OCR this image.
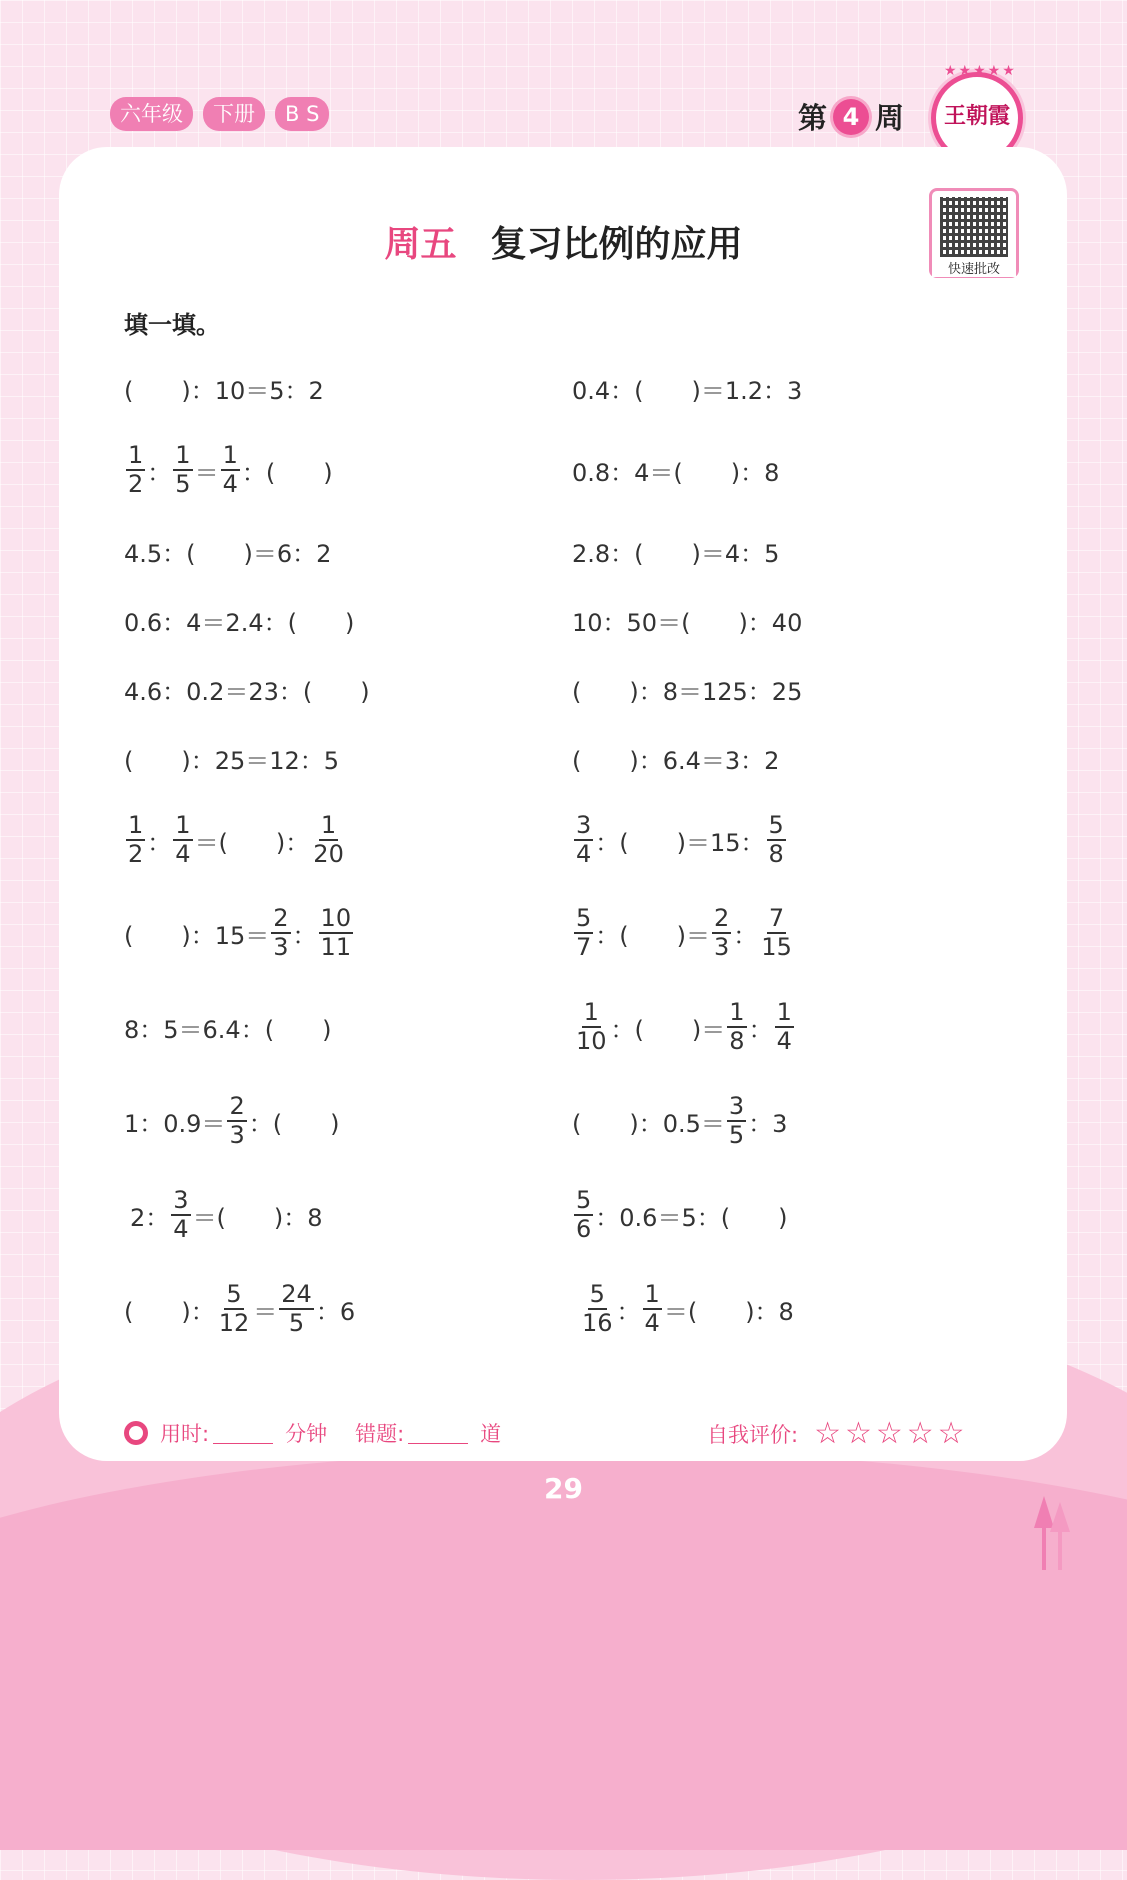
六年级	下册	B S	第 4 周
★★★★★
王朝霞
周五 复习比例的应用
快速批改
填一填。
(　　)：10＝5：2	0.4：(　　)＝1.2：3
$\frac{1}{2}$ ： $\frac{1}{5} = \frac{1}{4}$ ：(　　)	0.8：4＝(　　)：8
4.5：(　　)＝6：2	2.8：(　　)＝4：5
0.6：4＝2.4：(　　)	10：50＝(　　)：40
4.6：0.2＝23：(　　)	(　　)：8＝125：25
(　　)：25＝12：5	(　　)：6.4＝3：2
$\frac{1}{2}$ ： $\frac{1}{4}$ ＝(　　)： $\frac{1}{20}$	$\frac{3}{4}$ ：(　　)＝15： $\frac{5}{8}$
(　　)：$15= \frac{2}{3}$ ： $\frac{10}{11}$	$\frac{5}{7}$ ：(　　)＝ $\frac{2}{3}$ ： $\frac{7}{15}$
8：5＝6.4：(　　)	$\frac{1}{10}$ ：(　　)＝ $\frac{1}{8}$ ： $\frac{1}{4}$
1：$0.9= \frac{2}{3}$ ：(　　)	(　　)：$0.5= \frac{3}{5}$ ：3
2： $\frac{3}{4}$ ＝(　　)：8	$\frac{5}{6}$ ：0.6＝5：(　　)
(　　)： $\frac{5}{12} = \frac{24}{5}$ ：6	$\frac{5}{16}$ ： $\frac{1}{4}$ ＝(　　)：8
用时:	分钟 错题:	道	自我评价: ☆☆☆☆☆
29
